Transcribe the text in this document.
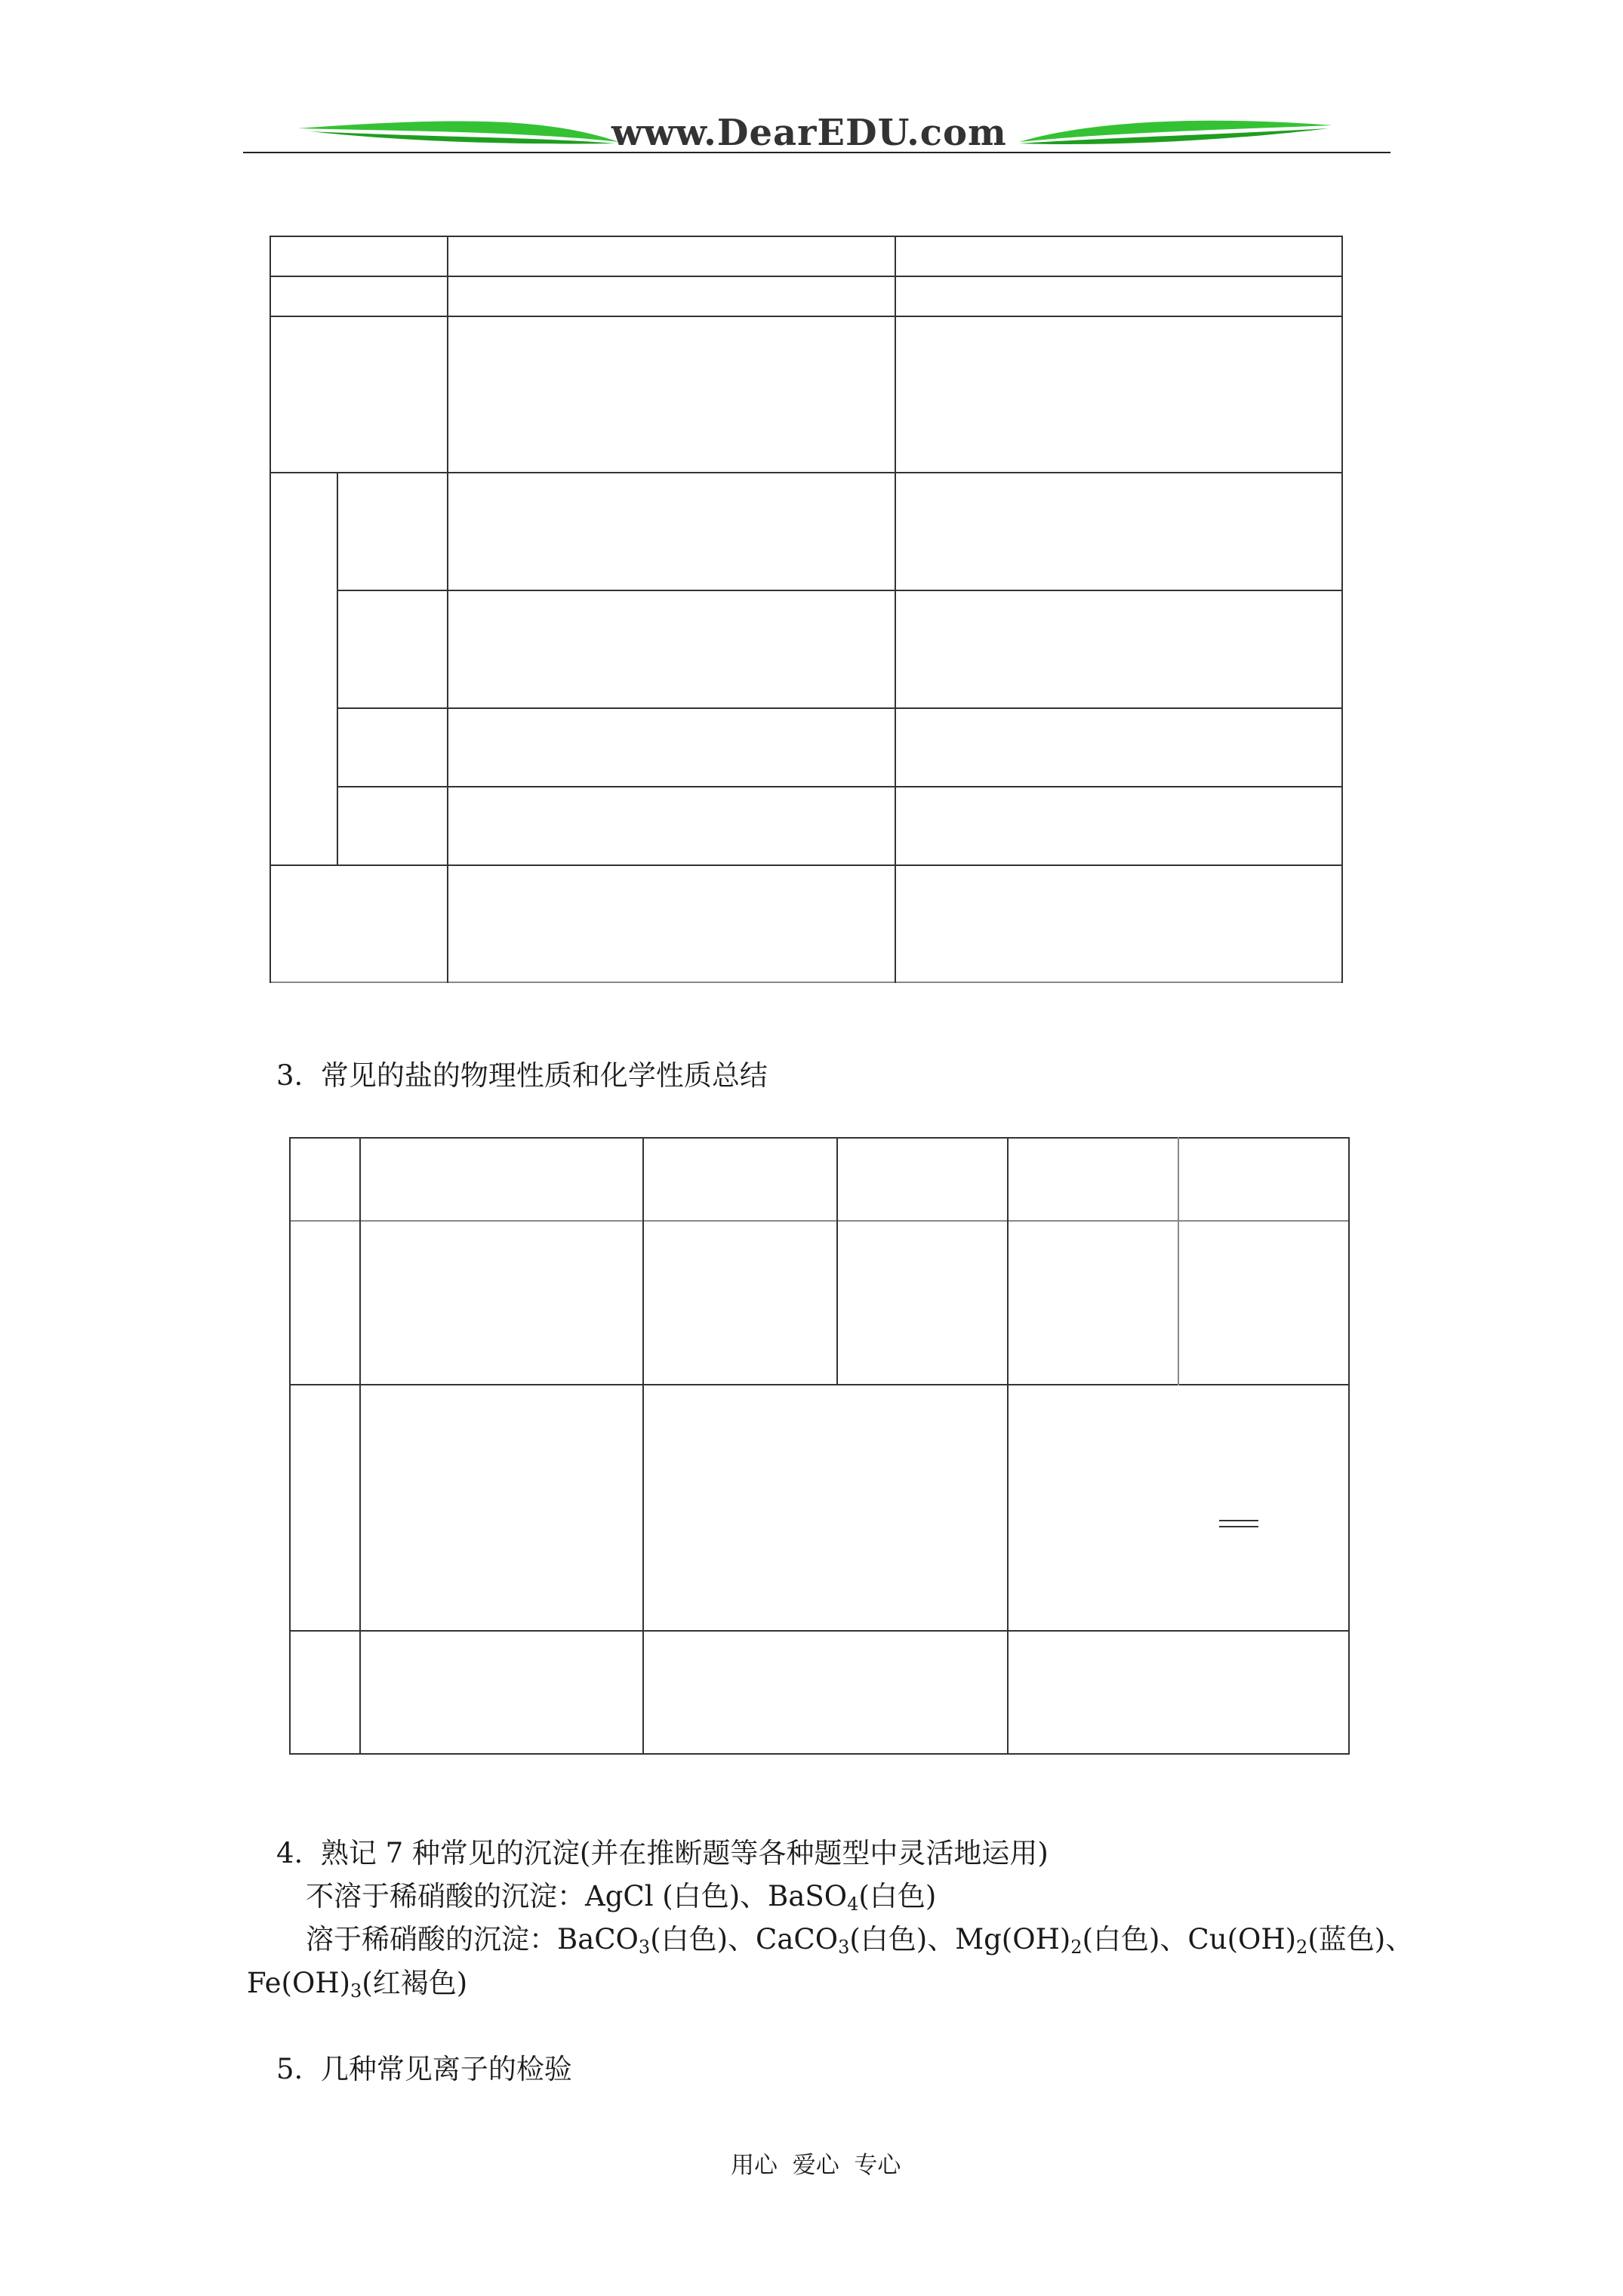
www.DearEDU.com
3. 常见的盐的物理性质和化学性质总结
4. 熟记 7 种常见的沉淀(并在推断题等各种题型中灵活地运用)
不溶于稀硝酸的沉淀：AgCl (白色)、BaSO$_4$(白色)
溶于稀硝酸的沉淀：BaCO$_3$(白色)、CaCO$_3$(白色)、$Mg(OH)_2$(白色)、$Cu(OH)_2$(蓝色)、
$Fe(OH)_3$(红褐色)
5. 几种常见离子的检验
用心  爱心  专心
